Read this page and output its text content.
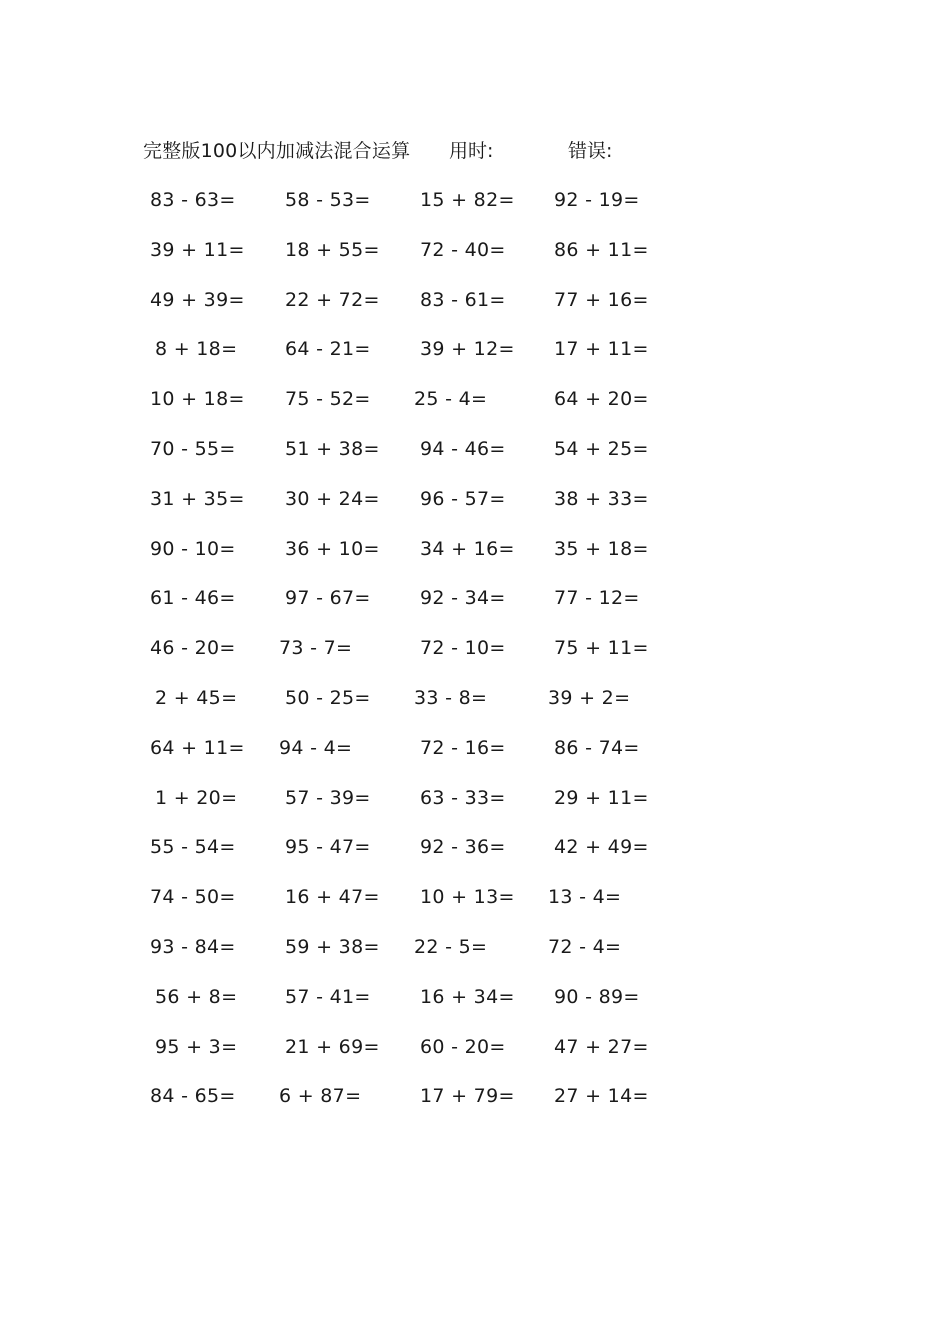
完整版100以内加减法混合运算 用时:	错误:
83 - 63=	58 - 53=	15 + 82= 92 - 19=
39 + 11= 18 + 55= 72 - 40=	86 + 11=
49 + 39= 22 + 72= 83 - 61=	77 + 16=
8 + 18=	64 - 21=	39 + 12= 17 + 11=
10 + 18= 75 - 52= 25 - 4=	64 + 20=
70 - 55=	51 + 38= 94 - 46=	54 + 25=
31 + 35= 30 + 24= 96 - 57=	38 + 33=
90 - 10=	36 + 10= 34 + 16= 35 + 18=
61 - 46=	97 - 67=	92 - 34=	77 - 12=
46 - 20= 73 - 7=	72 - 10=	75 + 11=
2 + 45=	50 - 25= 33 - 8=	39 + 2=
64 + 11= 94 - 4=	72 - 16=	86 - 74=
1 + 20=	57 - 39=	63 - 33=	29 + 11=
55 - 54=	95 - 47=	92 - 36=	42 + 49=
74 - 50=	16 + 47= 10 + 13= 13 - 4=
93 - 84=	59 + 38= 22 - 5=	72 - 4=
56 + 8=	57 - 41=	16 + 34= 90 - 89=
95 + 3=	21 + 69= 60 - 20=	47 + 27=
84 - 65= 6 + 87=	17 + 79= 27 + 14=
